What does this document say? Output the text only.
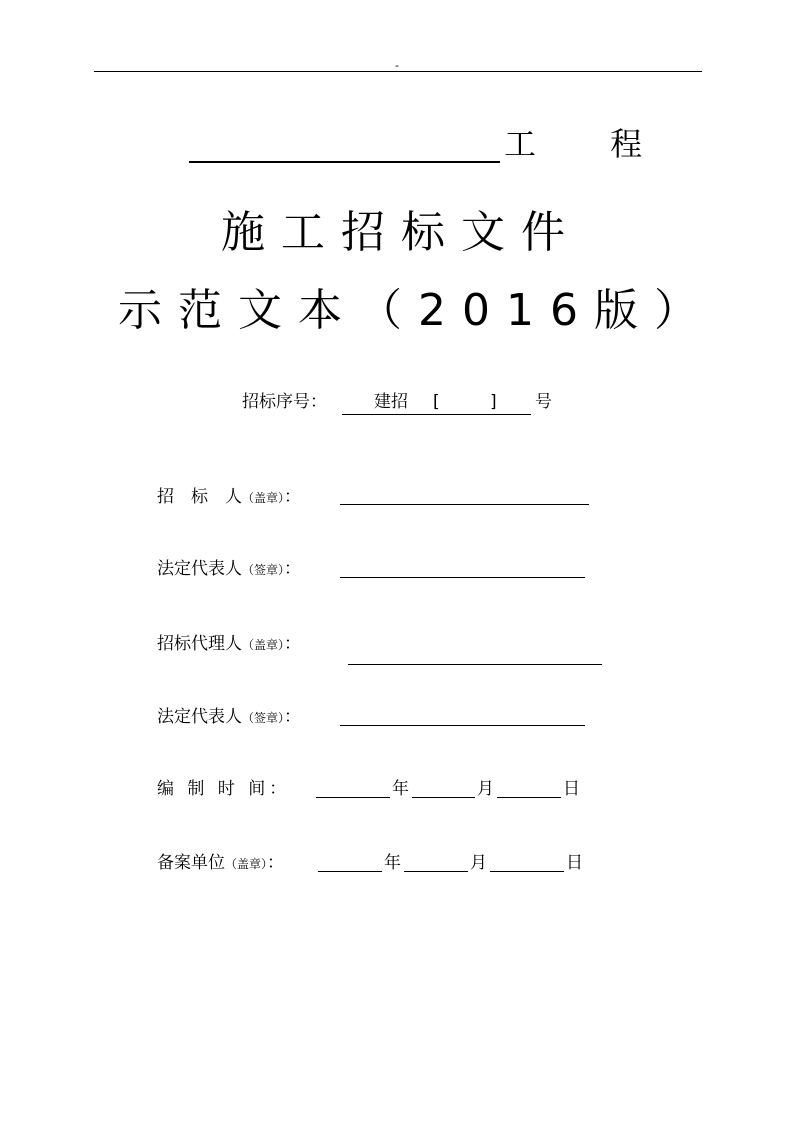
-
工 程
施工招标文件
示范文本（2016版）
招标序号：	建招 [	] 号
招　标　人（盖章）：
法定代表人（签章）：
招标代理人（盖章）：
法定代表人（签章）：
编 制 时 间：	年	月	日
备案单位（盖章）：	年	月	日
